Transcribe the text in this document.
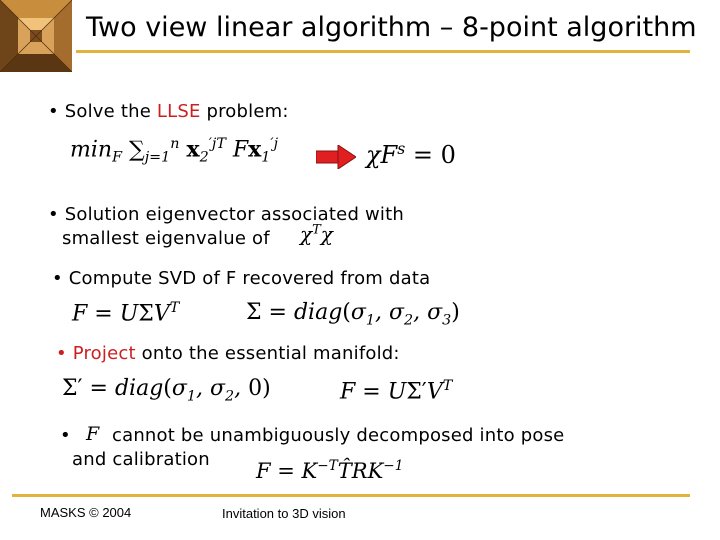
Two view linear algorithm – 8-point algorithm
• Solve the LLSE problem:
$\min_F \sum_{j=1}^n$ $x_2^{'jT}$ $Fx_1^{'j}$	$\chi F^s = 0$
• Solution eigenvector associated with
smallest eigenvalue of $\chi^T\chi$
• Compute SVD of F recovered from data
$F = U\Sigma V^T$	$\Sigma = diag(\sigma_1$, $\sigma_2$, $\sigma_3$)
• Project onto the essential manifold:
$\Sigma' = diag(\sigma_1$, $\sigma_2$, 0)	$F = U\Sigma'V^T$
• F cannot be unambiguously decomposed into pose
and calibration $F = K^{-T}T̂RK^{-1}$
MASKS © 2004	Invitation to 3D vision
